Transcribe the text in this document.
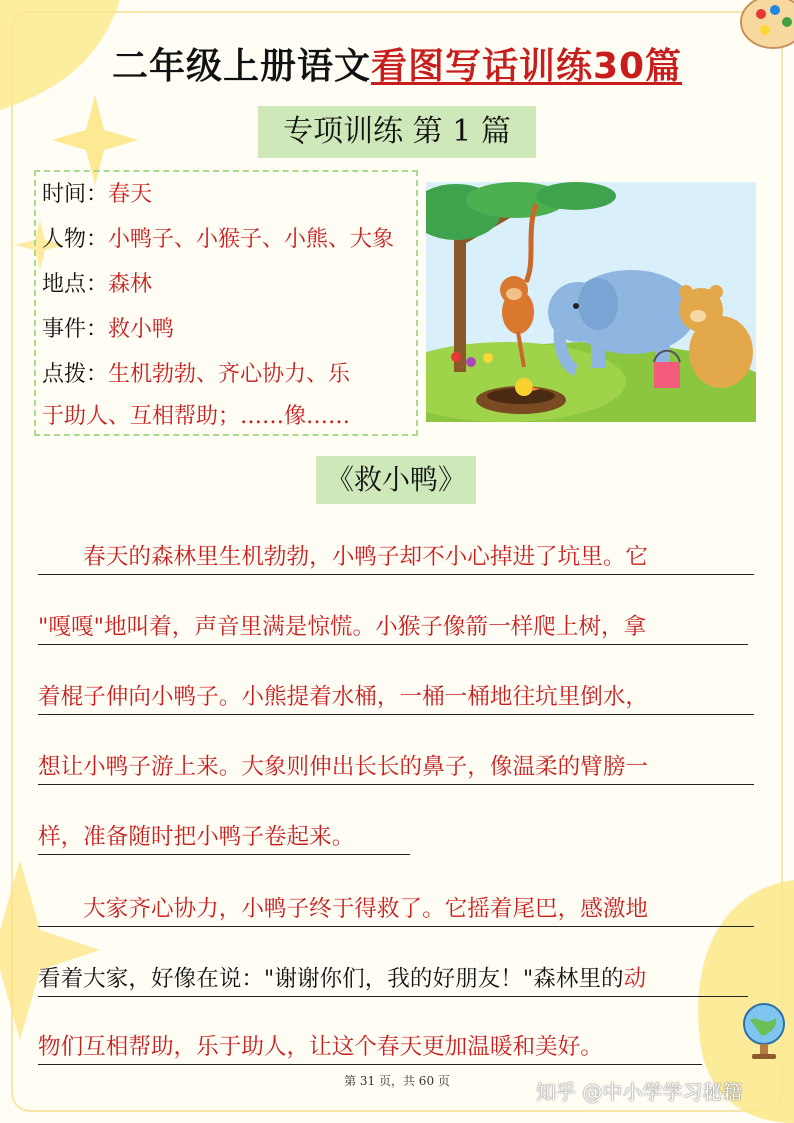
二年级上册语文看图写话训练30篇
专项训练 第 1 篇
时间：春天
人物：小鸭子、小猴子、小熊、大象
地点：森林
事件：救小鸭
点拨：生机勃勃、齐心协力、乐
于助人、互相帮助；……像……
《救小鸭》
　　春天的森林里生机勃勃，小鸭子却不小心掉进了坑里。它
"嘎嘎"地叫着，声音里满是惊慌。小猴子像箭一样爬上树，拿
着棍子伸向小鸭子。小熊提着水桶，一桶一桶地往坑里倒水，
想让小鸭子游上来。大象则伸出长长的鼻子，像温柔的臂膀一
样，准备随时把小鸭子卷起来。
　　大家齐心协力，小鸭子终于得救了。它摇着尾巴，感激地
看着大家，好像在说："谢谢你们，我的好朋友！"森林里的动
物们互相帮助，乐于助人，让这个春天更加温暖和美好。
第 31 页，共 60 页	知乎 @中小学学习秘籍
